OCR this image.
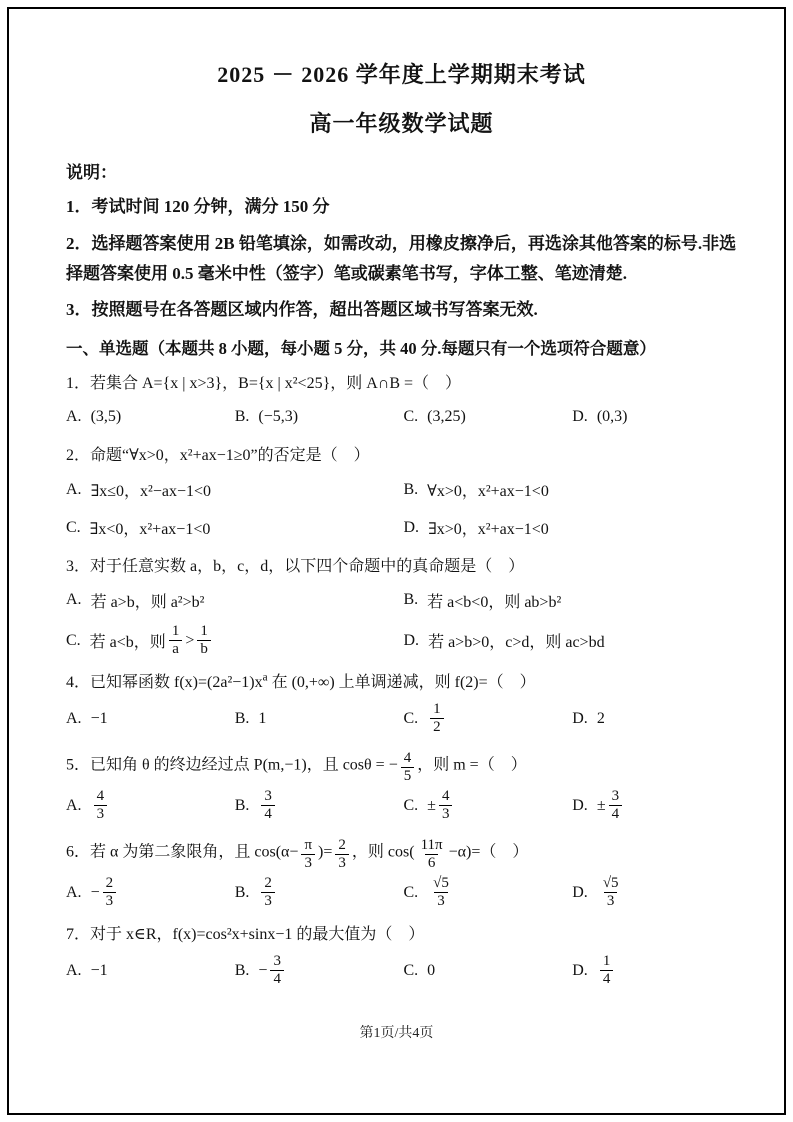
2025 － 2026 学年度上学期期末考试
高一年级数学试题
说明：
1．考试时间 120 分钟，满分 150 分
2．选择题答案使用 2B 铅笔填涂，如需改动，用橡皮擦净后，再选涂其他答案的标号.非选择题答案使用 0.5 毫米中性（签字）笔或碳素笔书写，字体工整、笔迹清楚.
3．按照题号在各答题区域内作答，超出答题区域书写答案无效.
一、单选题（本题共 8 小题，每小题 5 分，共 40 分.每题只有一个选项符合题意）
1．若集合 A={x | x>3}，B={x | x²<25}，则 A∩B =（　）
A. (3,5)	B. (−5,3)	C. (3,25)	D. (0,3)
2．命题“∀x>0，x²+ax−1≥0”的否定是（　）
A. ∃x≤0，x²−ax−1<0	B. ∀x>0，x²+ax−1<0
C. ∃x<0，x²+ax−1<0	D. ∃x>0，x²+ax−1<0
3．对于任意实数 a，b，c，d，以下四个命题中的真命题是（　）
A. 若 a>b，则 a²>b²	B. 若 a<b<0，则 ab>b²
C. 若 a<b，则 $\frac{1}{a} > \frac{1}{b}$	D. 若 a>b>0，c>d，则 ac>bd
4．已知幂函数 $f(x)=(2a^2-1)x^a$ 在 (0,+∞) 上单调递减，则 f(2)=（　）
A. −1	B. 1	C. $\frac{1}{2}$	D. 2
5．已知角 θ 的终边经过点 P(m,−1)，且 cosθ = − $\frac{4}{5}$ ，则 m =（　）
A. $\frac{4}{3}$	B. $\frac{3}{4}$	C. ± $\frac{4}{3}$	D. ± $\frac{3}{4}$
6．若 α 为第二象限角，且 $\cos(\alpha- \frac{\pi}{3}$ )= $\frac{2}{3}$ ，则 $\cos( \frac{11\pi}{6} -\alpha)=$（　）
A. − $\frac{2}{3}$	B. $\frac{2}{3}$	C. $\frac{√5}{3}$	D. $\frac{√5}{3}$
7．对于 x∈R，f(x)=cos²x+sinx−1 的最大值为（　）
A. −1	B. − $\frac{3}{4}$	C. 0	D. $\frac{1}{4}$
第1页/共4页
